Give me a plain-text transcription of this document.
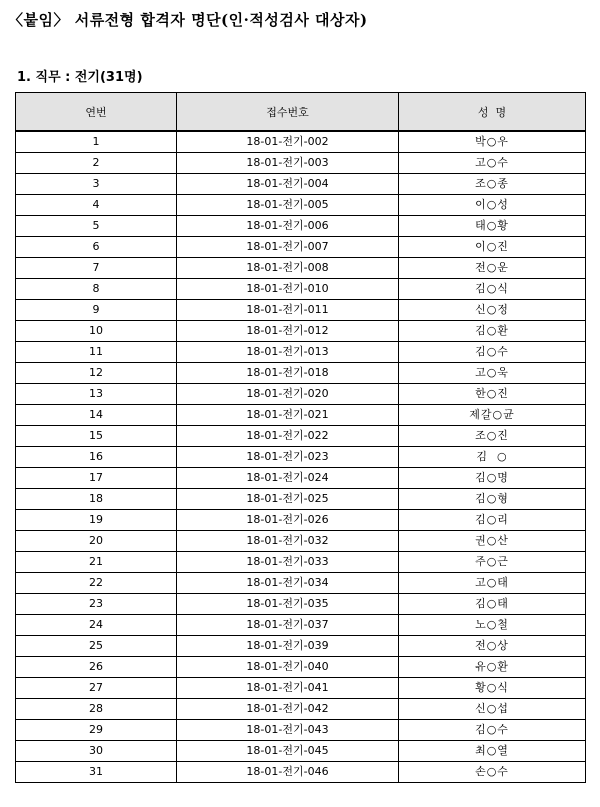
〈붙임〉 서류전형 합격자 명단(인·적성검사 대상자)
1. 직무 : 전기(31명)
연번	접수번호	성  명
1	18-01-전기-002	박○우
2	18-01-전기-003	고○수
3	18-01-전기-004	조○종
4	18-01-전기-005	이○성
5	18-01-전기-006	태○황
6	18-01-전기-007	이○진
7	18-01-전기-008	전○운
8	18-01-전기-010	김○식
9	18-01-전기-011	신○정
10	18-01-전기-012	김○환
11	18-01-전기-013	김○수
12	18-01-전기-018	고○욱
13	18-01-전기-020	한○진
14	18-01-전기-021	제갈○균
15	18-01-전기-022	조○진
16	18-01-전기-023	김  ○
17	18-01-전기-024	김○명
18	18-01-전기-025	김○형
19	18-01-전기-026	김○리
20	18-01-전기-032	권○산
21	18-01-전기-033	주○근
22	18-01-전기-034	고○태
23	18-01-전기-035	김○태
24	18-01-전기-037	노○철
25	18-01-전기-039	전○상
26	18-01-전기-040	유○환
27	18-01-전기-041	황○식
28	18-01-전기-042	신○섭
29	18-01-전기-043	김○수
30	18-01-전기-045	최○열
31	18-01-전기-046	손○수
